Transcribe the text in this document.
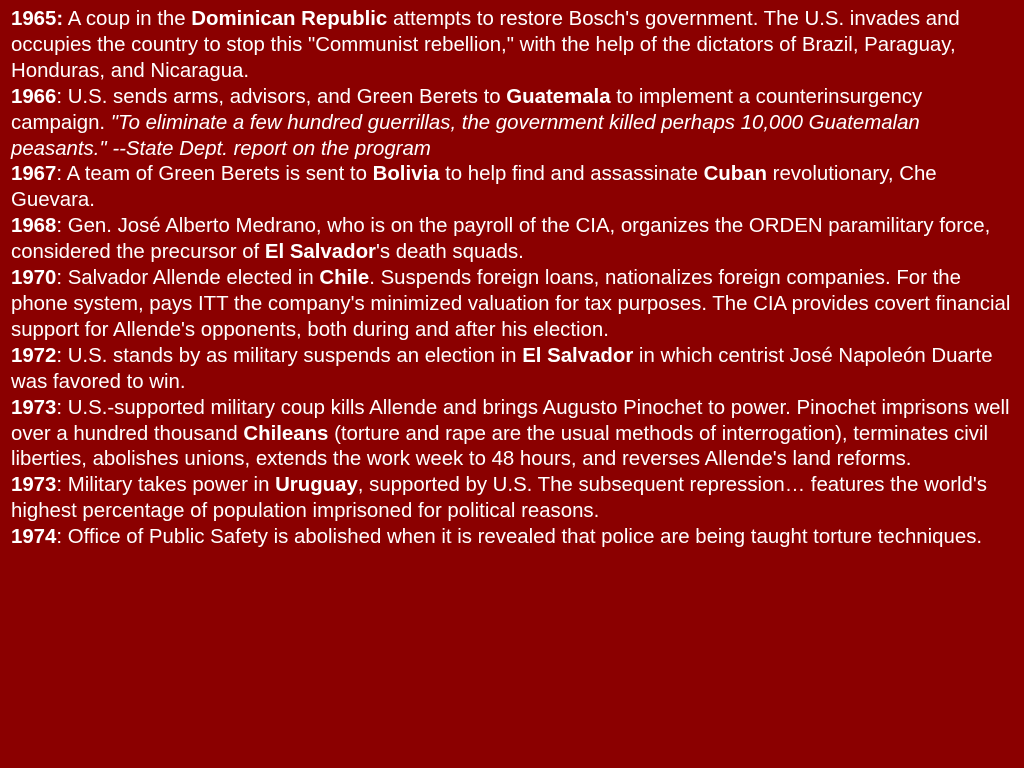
1965: A coup in the Dominican Republic attempts to restore Bosch's government. The U.S. invades and occupies the country to stop this "Communist rebellion," with the help of the dictators of Brazil, Paraguay, Honduras, and Nicaragua.

1966: U.S. sends arms, advisors, and Green Berets to Guatemala to implement a counterinsurgency campaign. "To eliminate a few hundred guerrillas, the government killed perhaps 10,000 Guatemalan peasants." --State Dept. report on the program

1967: A team of Green Berets is sent to Bolivia to help find and assassinate Cuban revolutionary, Che Guevara.

1968: Gen. José Alberto Medrano, who is on the payroll of the CIA, organizes the ORDEN paramilitary force, considered the precursor of El Salvador's death squads.

1970: Salvador Allende elected in Chile. Suspends foreign loans, nationalizes foreign companies. For the phone system, pays ITT the company's minimized valuation for tax purposes. The CIA provides covert financial support for Allende's opponents, both during and after his election.

1972: U.S. stands by as military suspends an election in El Salvador in which centrist José Napoleón Duarte was favored to win.

1973: U.S.-supported military coup kills Allende and brings Augusto Pinochet to power. Pinochet imprisons well over a hundred thousand Chileans (torture and rape are the usual methods of interrogation), terminates civil liberties, abolishes unions, extends the work week to 48 hours, and reverses Allende's land reforms.

1973: Military takes power in Uruguay, supported by U.S. The subsequent repression… features the world's highest percentage of population imprisoned for political reasons.

1974: Office of Public Safety is abolished when it is revealed that police are being taught torture techniques.
